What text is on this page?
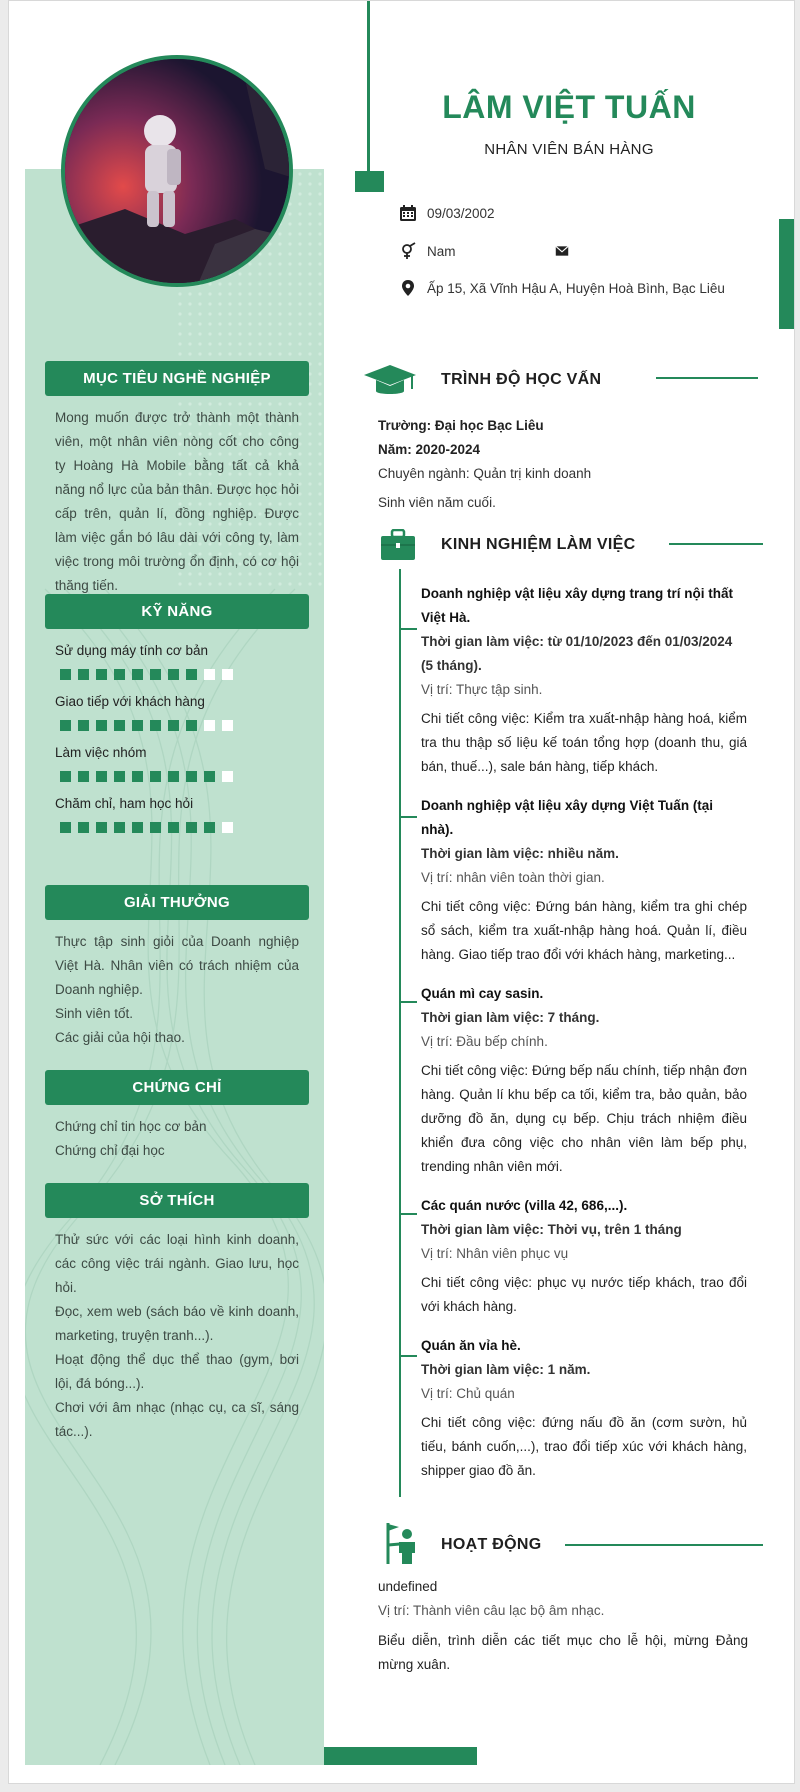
LÂM VIỆT TUẤN
NHÂN VIÊN BÁN HÀNG
09/03/2002
Nam
Ấp 15, Xã Vĩnh Hậu A, Huyện Hoà Bình, Bạc Liêu
MỤC TIÊU NGHỀ NGHIỆP
Mong muốn được trở thành một thành viên, một nhân viên nòng cốt cho công ty Hoàng Hà Mobile bằng tất cả khả năng nổ lực của bản thân. Được học hỏi cấp trên, quản lí, đồng nghiệp. Được làm việc gắn bó lâu dài với công ty, làm việc trong môi trường ổn định, có cơ hội thăng tiến.
KỸ NĂNG
Sử dụng máy tính cơ bản
Giao tiếp với khách hàng
Làm việc nhóm
Chăm chỉ, ham học hỏi
GIẢI THƯỞNG
Thực tập sinh giỏi của Doanh nghiệp Việt Hà. Nhân viên có trách nhiệm của Doanh nghiệp.
Sinh viên tốt.
Các giải của hội thao.
CHỨNG CHỈ
Chứng chỉ tin học cơ bản
Chứng chỉ đại học
SỞ THÍCH
Thử sức với các loại hình kinh doanh, các công việc trái ngành. Giao lưu, học hỏi.
Đọc, xem web (sách báo về kinh doanh, marketing, truyện tranh...).
Hoạt động thể dục thể thao (gym, bơi lội, đá bóng...).
Chơi với âm nhạc (nhạc cụ, ca sĩ, sáng tác...).
TRÌNH ĐỘ HỌC VẤN
Trường: Đại học Bạc Liêu
Năm: 2020-2024
Chuyên ngành: Quản trị kinh doanh
Sinh viên năm cuối.
KINH NGHIỆM LÀM VIỆC
Doanh nghiệp vật liệu xây dựng trang trí nội thất Việt Hà.
Thời gian làm việc: từ 01/10/2023 đến 01/03/2024 (5 tháng).
Vị trí: Thực tập sinh.
Chi tiết công việc: Kiểm tra xuất-nhập hàng hoá, kiểm tra thu thập số liệu kế toán tổng hợp (doanh thu, giá bán, thuế...), sale bán hàng, tiếp khách.
Doanh nghiệp vật liệu xây dựng Việt Tuấn (tại nhà).
Thời gian làm việc: nhiều năm.
Vị trí: nhân viên toàn thời gian.
Chi tiết công việc: Đứng bán hàng, kiểm tra ghi chép sổ sách, kiểm tra xuất-nhập hàng hoá. Quản lí, điều hàng. Giao tiếp trao đổi với khách hàng, marketing...
Quán mì cay sasin.
Thời gian làm việc: 7 tháng.
Vị trí: Đầu bếp chính.
Chi tiết công việc: Đứng bếp nấu chính, tiếp nhận đơn hàng. Quản lí khu bếp ca tối, kiểm tra, bảo quản, bảo dưỡng đồ ăn, dụng cụ bếp. Chịu trách nhiệm điều khiển đưa công việc cho nhân viên làm bếp phụ, trending nhân viên mới.
Các quán nước (villa 42, 686,...).
Thời gian làm việc: Thời vụ, trên 1 tháng
Vị trí: Nhân viên phục vụ
Chi tiết công việc: phục vụ nước tiếp khách, trao đổi với khách hàng.
Quán ăn vỉa hè.
Thời gian làm việc: 1 năm.
Vị trí: Chủ quán
Chi tiết công việc: đứng nấu đồ ăn (cơm sườn, hủ tiếu, bánh cuốn,...), trao đổi tiếp xúc với khách hàng, shipper giao đồ ăn.
HOẠT ĐỘNG
undefined
Vị trí: Thành viên câu lạc bộ âm nhạc.
Biểu diễn, trình diễn các tiết mục cho lễ hội, mừng Đảng mừng xuân.
